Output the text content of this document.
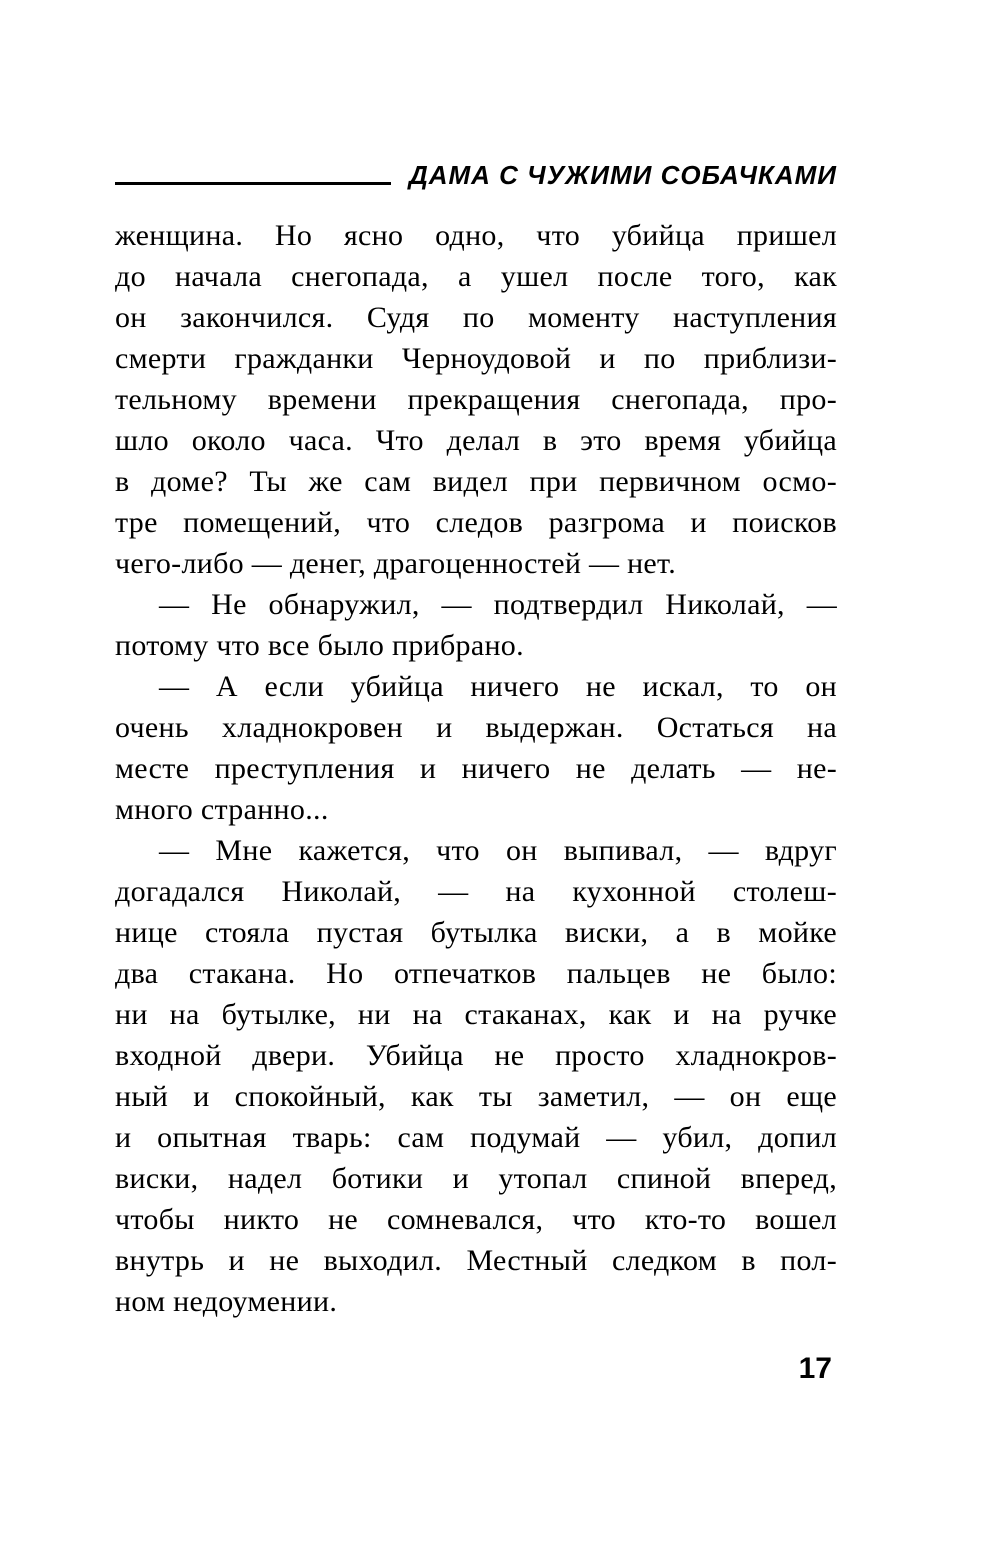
ДАМА С ЧУЖИМИ СОБАЧКАМИ
женщина. Но ясно одно, что убийца пришел
до начала снегопада, а ушел после того, как
он закончился. Судя по моменту наступления
смерти гражданки Черноудовой и по приблизи-
тельному времени прекращения снегопада, про-
шло около часа. Что делал в это время убийца
в доме? Ты же сам видел при первичном осмо-
тре помещений, что следов разгрома и поисков
чего-либо — денег, драгоценностей — нет.
— Не обнаружил, — подтвердил Николай, —
потому что все было прибрано.
— А если убийца ничего не искал, то он
очень хладнокровен и выдержан. Остаться на
месте преступления и ничего не делать — не-
много странно...
— Мне кажется, что он выпивал, — вдруг
догадался Николай, — на кухонной столеш-
нице стояла пустая бутылка виски, а в мойке
два стакана. Но отпечатков пальцев не было:
ни на бутылке, ни на стаканах, как и на ручке
входной двери. Убийца не просто хладнокров-
ный и спокойный, как ты заметил, — он еще
и опытная тварь: сам подумай — убил, допил
виски, надел ботики и утопал спиной вперед,
чтобы никто не сомневался, что кто-то вошел
внутрь и не выходил. Местный следком в пол-
ном недоумении.
17
